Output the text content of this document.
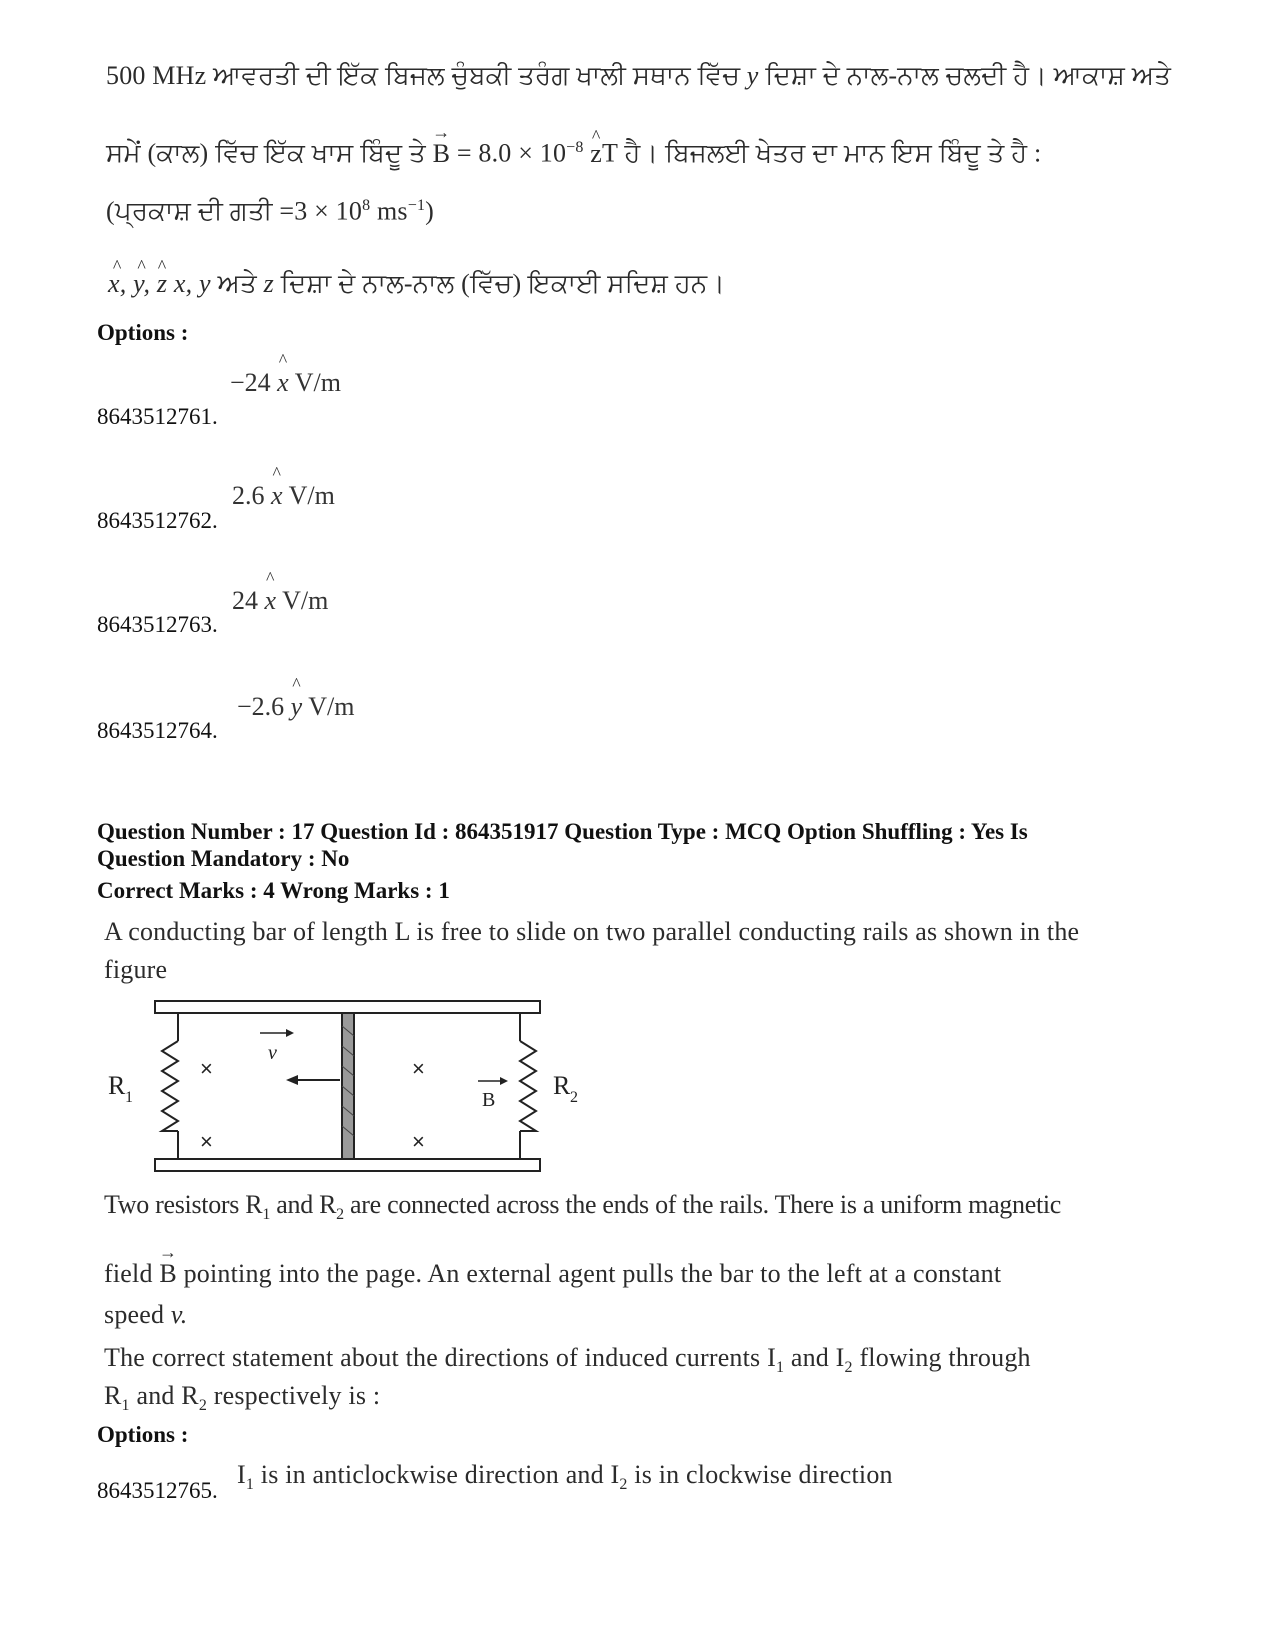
500 MHz ਆਵਰਤੀ ਦੀ ਇੱਕ ਬਿਜਲ ਚੁੰਬਕੀ ਤਰੰਗ ਖਾਲੀ ਸਥਾਨ ਵਿੱਚ y ਦਿਸ਼ਾ ਦੇ ਨਾਲ-ਨਾਲ ਚਲਦੀ ਹੈ। ਆਕਾਸ਼ ਅਤੇ
ਸਮੇਂ (ਕਾਲ) ਵਿੱਚ ਇੱਕ ਖਾਸ ਬਿੰਦੂ ਤੇ → $B = 8.0 \times 10^{-8}$ ^ zT ਹੈ। ਬਿਜਲਈ ਖੇਤਰ ਦਾ ਮਾਨ ਇਸ ਬਿੰਦੂ ਤੇ ਹੈ :
(ਪ੍ਰਕਾਸ਼ ਦੀ ਗਤੀ $=3 \times 10^8$ $ms^{-1}$)
^ x, ^ y, ^ z x, y ਅਤੇ z ਦਿਸ਼ਾ ਦੇ ਨਾਲ-ਨਾਲ (ਵਿੱਚ) ਇਕਾਈ ਸਦਿਸ਼ ਹਨ।
Options :
−24 ^ x V/m
8643512761.
2.6 ^ x V/m
8643512762.
24 ^ x V/m
8643512763.
−2.6 ^ y V/m
8643512764.
Question Number : 17 Question Id : 864351917 Question Type : MCQ Option Shuffling : Yes Is
Question Mandatory : No
Correct Marks : 4 Wrong Marks : 1
A conducting bar of length L is free to slide on two parallel conducting rails as shown in the
figure
v
B
×
×
×
×
R 1	R 2
Two resistors $R_1$ and $R_2$ are connected across the ends of the rails. There is a uniform magnetic
field → B pointing into the page. An external agent pulls the bar to the left at a constant
speed v.
The correct statement about the directions of induced currents $I_1$ and $I_2$ flowing through
$R_1$ and $R_2$ respectively is :
Options :
$I_1$ is in anticlockwise direction and $I_2$ is in clockwise direction
8643512765.
